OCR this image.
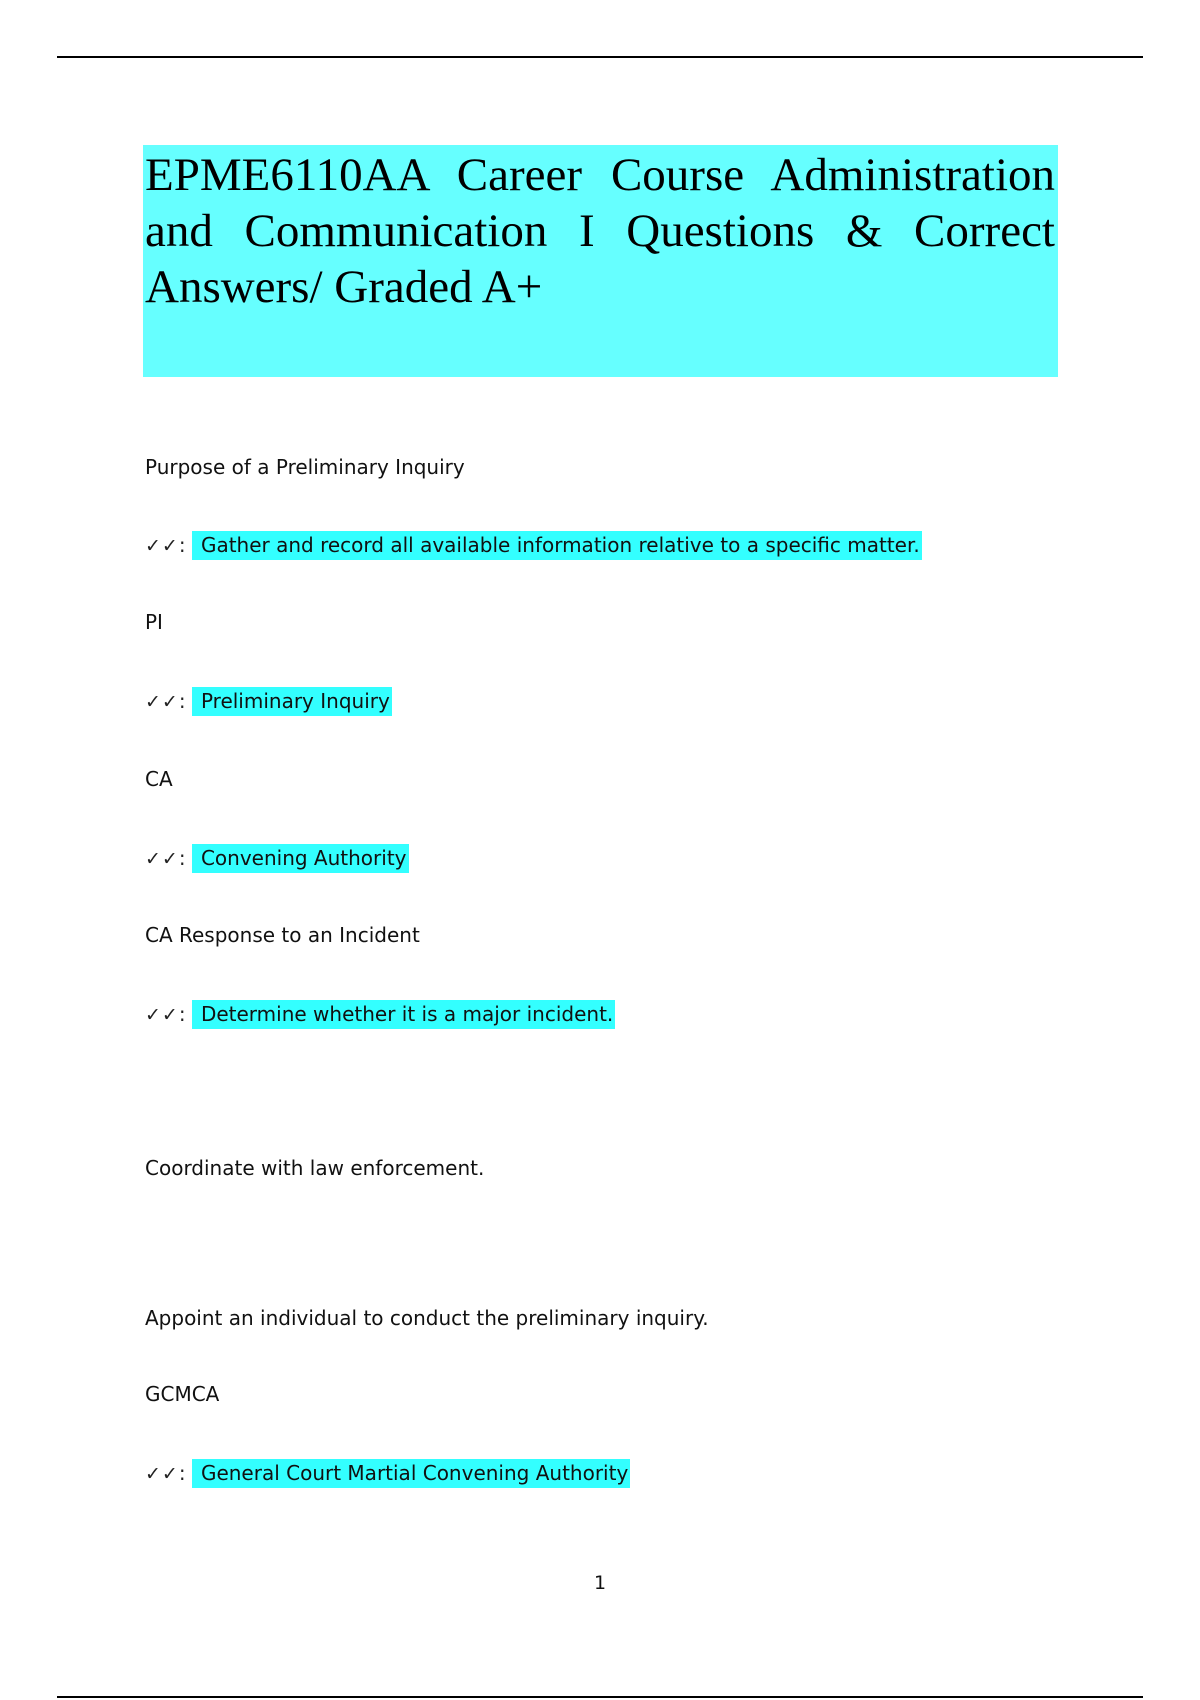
EPME6110AA Career Course Administration and Communication I Questions & Correct Answers/ Graded A+
Purpose of a Preliminary Inquiry
✓✓: Gather and record all available information relative to a specific matter.
PI
✓✓: Preliminary Inquiry
CA
✓✓: Convening Authority
CA Response to an Incident
✓✓: Determine whether it is a major incident.
Coordinate with law enforcement.
Appoint an individual to conduct the preliminary inquiry.
GCMCA
✓✓: General Court Martial Convening Authority
1
